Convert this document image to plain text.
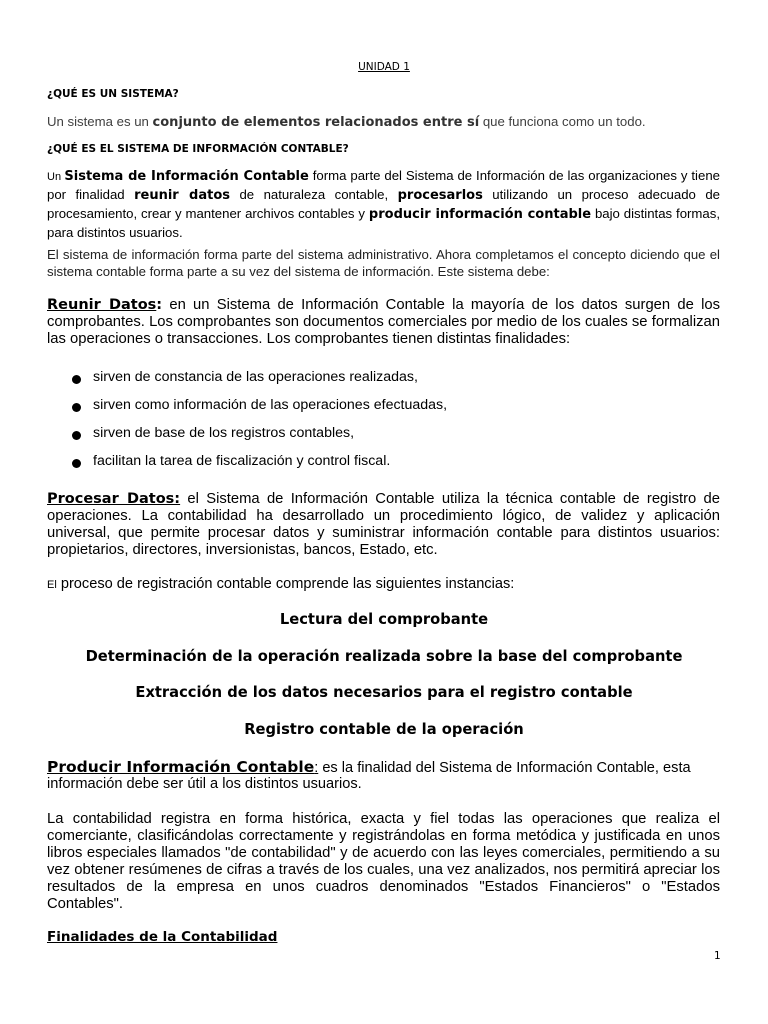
UNIDAD 1
¿QUÉ ES UN SISTEMA?

Un sistema es un conjunto de elementos relacionados entre sí que funciona como un todo.

¿QUÉ ES EL SISTEMA DE INFORMACIÓN CONTABLE?

Un Sistema de Información Contable forma parte del Sistema de Información de las organizaciones y tiene por finalidad reunir datos de naturaleza contable, procesarlos utilizando un proceso adecuado de procesamiento, crear y mantener archivos contables y producir información contable bajo distintas formas, para distintos usuarios.

El sistema de información forma parte del sistema administrativo. Ahora completamos el concepto diciendo que el sistema contable forma parte a su vez del sistema de información. Este sistema debe:

Reunir Datos: en un Sistema de Información Contable la mayoría de los datos surgen de los comprobantes. Los comprobantes son documentos comerciales por medio de los cuales se formalizan las operaciones o transacciones. Los comprobantes tienen distintas finalidades:

sirven de constancia de las operaciones realizadas,
sirven como información de las operaciones efectuadas,
sirven de base de los registros contables,
facilitan la tarea de fiscalización y control fiscal.

Procesar Datos: el Sistema de Información Contable utiliza la técnica contable de registro de operaciones. La contabilidad ha desarrollado un procedimiento lógico, de validez y aplicación universal, que permite procesar datos y suministrar información contable para distintos usuarios: propietarios, directores, inversionistas, bancos, Estado, etc.

El proceso de registración contable comprende las siguientes instancias:

Lectura del comprobante
Determinación de la operación realizada sobre la base del comprobante
Extracción de los datos necesarios para el registro contable
Registro contable de la operación

Producir Información Contable: es la finalidad del Sistema de Información Contable, esta información debe ser útil a los distintos usuarios.

La contabilidad registra en forma histórica, exacta y fiel todas las operaciones que realiza el comerciante, clasificándolas correctamente y registrándolas en forma metódica y justificada en unos libros especiales llamados "de contabilidad" y de acuerdo con las leyes comerciales, permitiendo a su vez obtener resúmenes de cifras a través de los cuales, una vez analizados, nos permitirá apreciar los resultados de la empresa en unos cuadros denominados "Estados Financieros" o "Estados Contables".

Finalidades de la Contabilidad
1
